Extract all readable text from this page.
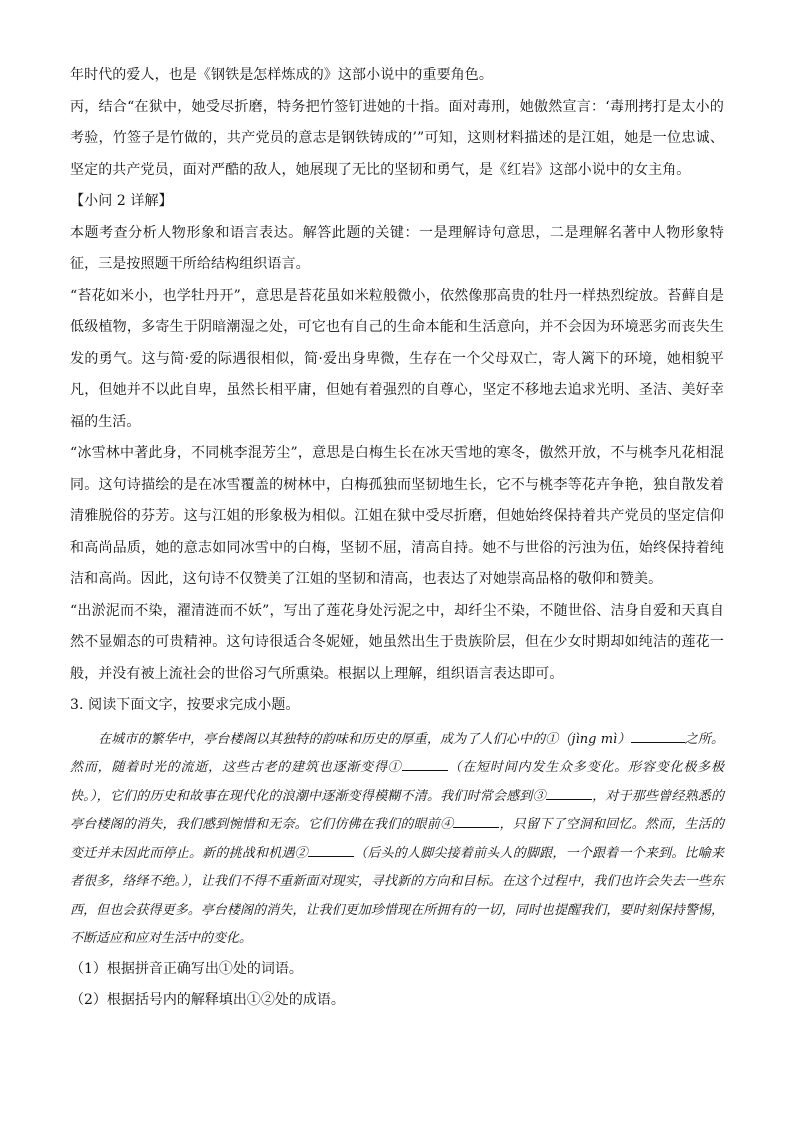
年时代的爱人，也是《钢铁是怎样炼成的》这部小说中的重要角色。

丙，结合“在狱中，她受尽折磨，特务把竹签钉进她的十指。面对毒刑，她傲然宣言：‘毒刑拷打是太小的考验，竹签子是竹做的，共产党员的意志是钢铁铸成的’”可知，这则材料描述的是江姐，她是一位忠诚、坚定的共产党员，面对严酷的敌人，她展现了无比的坚韧和勇气，是《红岩》这部小说中的女主角。

【小问 2 详解】

本题考查分析人物形象和语言表达。解答此题的关键：一是理解诗句意思，二是理解名著中人物形象特征，三是按照题干所给结构组织语言。

“苔花如米小，也学牡丹开”，意思是苔花虽如米粒般微小，依然像那高贵的牡丹一样热烈绽放。苔藓自是低级植物，多寄生于阴暗潮湿之处，可它也有自己的生命本能和生活意向，并不会因为环境恶劣而丧失生发的勇气。这与简·爱的际遇很相似，简·爱出身卑微，生存在一个父母双亡，寄人篱下的环境，她相貌平凡，但她并不以此自卑，虽然长相平庸，但她有着强烈的自尊心，坚定不移地去追求光明、圣洁、美好幸福的生活。

“冰雪林中著此身，不同桃李混芳尘”，意思是白梅生长在冰天雪地的寒冬，傲然开放，不与桃李凡花相混同。这句诗描绘的是在冰雪覆盖的树林中，白梅孤独而坚韧地生长，它不与桃李等花卉争艳，独自散发着清雅脱俗的芬芳。这与江姐的形象极为相似。江姐在狱中受尽折磨，但她始终保持着共产党员的坚定信仰和高尚品质，她的意志如同冰雪中的白梅，坚韧不屈，清高自持。她不与世俗的污浊为伍，始终保持着纯洁和高尚。因此，这句诗不仅赞美了江姐的坚韧和清高，也表达了对她崇高品格的敬仰和赞美。

“出淤泥而不染，濯清涟而不妖”，写出了莲花身处污泥之中，却纤尘不染，不随世俗、洁身自爱和天真自然不显媚态的可贵精神。这句诗很适合冬妮娅，她虽然出生于贵族阶层，但在少女时期却如纯洁的莲花一般，并没有被上流社会的世俗习气所熏染。根据以上理解，组织语言表达即可。

3. 阅读下面文字，按要求完成小题。

在城市的繁华中，亭台楼阁以其独特的韵味和历史的厚重，成为了人们心中的①（jìng mì）	之所。然而，随着时光的流逝，这些古老的建筑也逐渐变得①	（在短时间内发生众多变化。形容变化极多极快。），它们的历史和故事在现代化的浪潮中逐渐变得模糊不清。我们时常会感到③	，对于那些曾经熟悉的亭台楼阁的消失，我们感到惋惜和无奈。它们仿佛在我们的眼前④	，只留下了空洞和回忆。然而，生活的变迁并未因此而停止。新的挑战和机遇②	（后头的人脚尖接着前头人的脚跟，一个跟着一个来到。比喻来者很多，络绎不绝。），让我们不得不重新面对现实，寻找新的方向和目标。在这个过程中，我们也许会失去一些东西，但也会获得更多。亭台楼阁的消失，让我们更加珍惜现在所拥有的一切，同时也提醒我们，要时刻保持警惕，不断适应和应对生活中的变化。

（1）根据拼音正确写出①处的词语。

（2）根据括号内的解释填出①②处的成语。
